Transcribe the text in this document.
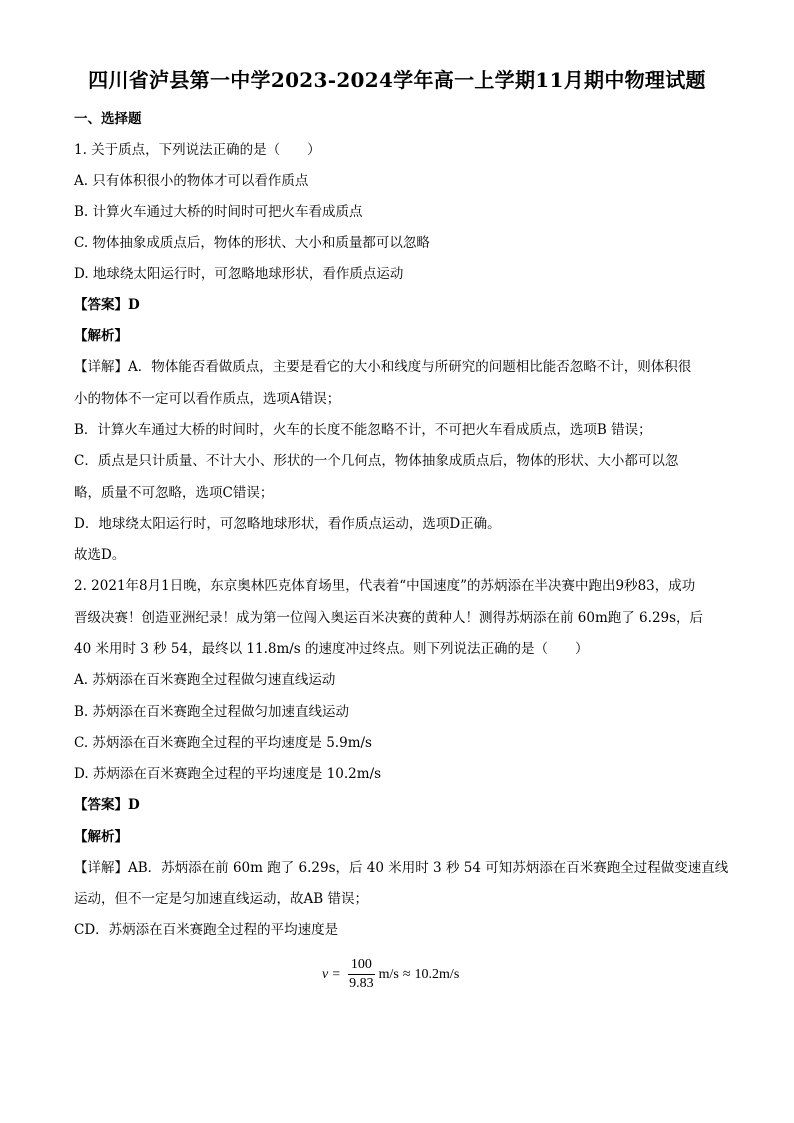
四川省泸县第一中学2023-2024学年高一上学期11月期中物理试题
一、选择题
1. 关于质点，下列说法正确的是（　　）
A. 只有体积很小的物体才可以看作质点
B. 计算火车通过大桥的时间时可把火车看成质点
C. 物体抽象成质点后，物体的形状、大小和质量都可以忽略
D. 地球绕太阳运行时，可忽略地球形状，看作质点运动
【答案】D
【解析】
【详解】A．物体能否看做质点，主要是看它的大小和线度与所研究的问题相比能否忽略不计，则体积很
小的物体不一定可以看作质点，选项A错误；
B．计算火车通过大桥的时间时，火车的长度不能忽略不计，不可把火车看成质点，选项B 错误；
C．质点是只计质量、不计大小、形状的一个几何点，物体抽象成质点后，物体的形状、大小都可以忽
略，质量不可忽略，选项C错误；
D．地球绕太阳运行时，可忽略地球形状，看作质点运动，选项D正确。
故选D。
2. 2021年8月1日晚，东京奥林匹克体育场里，代表着“中国速度”的苏炳添在半决赛中跑出9秒83，成功
晋级决赛！创造亚洲纪录！成为第一位闯入奥运百米决赛的黄种人！测得苏炳添在前 60m跑了 6.29s，后
40 米用时 3 秒 54，最终以 11.8m/s 的速度冲过终点。则下列说法正确的是（　　）
A. 苏炳添在百米赛跑全过程做匀速直线运动
B. 苏炳添在百米赛跑全过程做匀加速直线运动
C. 苏炳添在百米赛跑全过程的平均速度是 5.9m/s
D. 苏炳添在百米赛跑全过程的平均速度是 10.2m/s
【答案】D
【解析】
【详解】AB．苏炳添在前 60m 跑了 6.29s，后 40 米用时 3 秒 54 可知苏炳添在百米赛跑全过程做变速直线
运动，但不一定是匀加速直线运动，故AB 错误；
CD．苏炳添在百米赛跑全过程的平均速度是
$v = \frac{100}{9.83} m/s \approx 10.2m/s$
